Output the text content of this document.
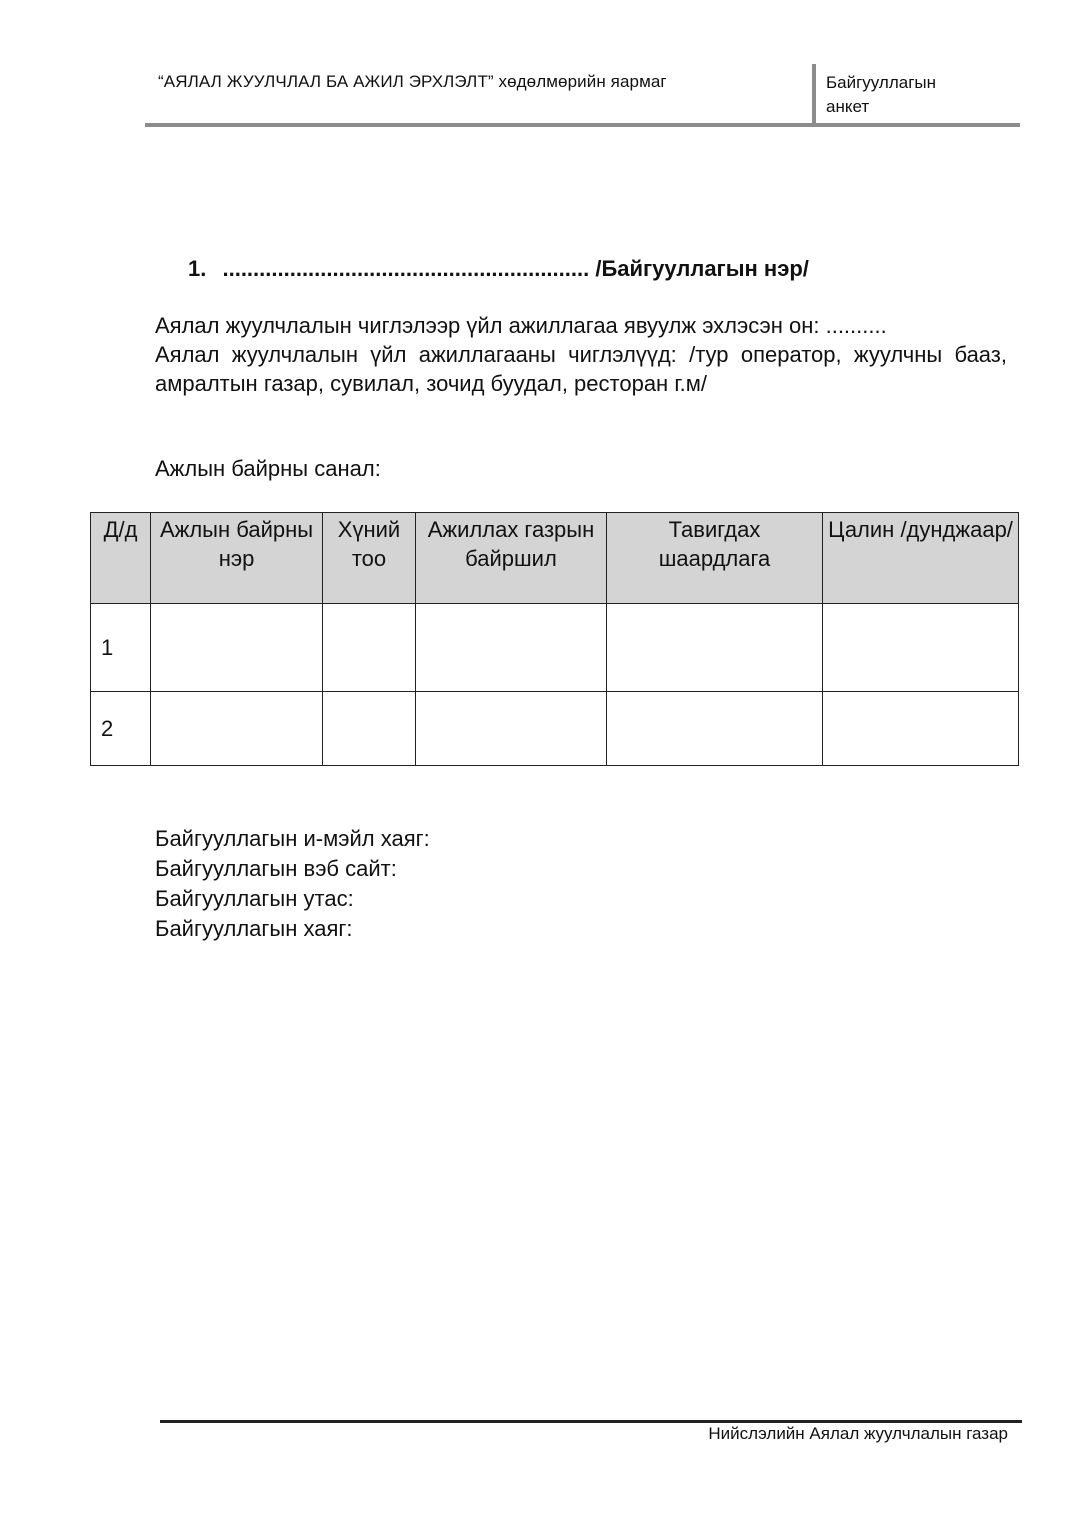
“АЯЛАЛ ЖУУЛЧЛАЛ БА АЖИЛ ЭРХЛЭЛТ” хөдөлмөрийн яармаг	Байгууллагын
анкет
1. ............................................................ /Байгууллагын нэр/

Аялал жуулчлалын чиглэлээр үйл ажиллагаа явуулж эхлэсэн он: ..........

Аялал жуулчлалын үйл ажиллагааны чиглэлүүд: /тур оператор, жуулчны бааз, амралтын газар, сувилал, зочид буудал, ресторан г.м/

Ажлын байрны санал:
Д/д	Ажлын байрны нэр	Хүний тоо	Ажиллах газрын байршил	Тавигдах шаардлага	Цалин /дунджаар/
1					
2					
Байгууллагын и-мэйл хаяг:
Байгууллагын вэб сайт:
Байгууллагын утас:
Байгууллагын хаяг:
Нийслэлийн Аялал жуулчлалын газар
